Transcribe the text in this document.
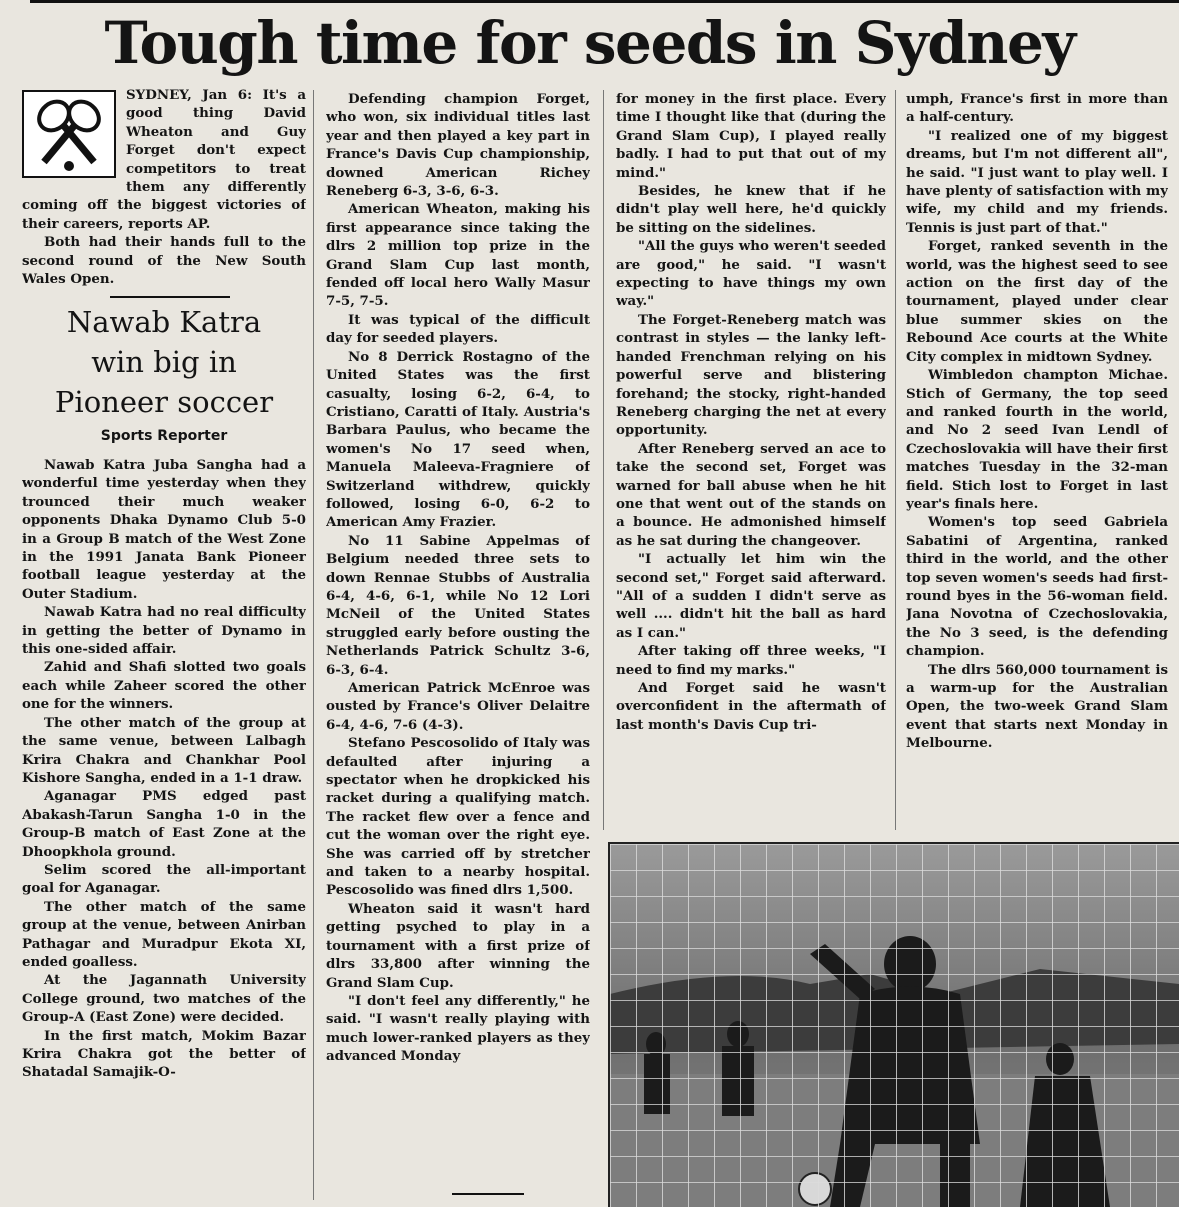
Tough time for seeds in Sydney

SYDNEY, Jan 6: It's a good thing David Wheaton and Guy Forget don't expect competitors to treat them any differently coming off the biggest victories of their careers, reports AP.

Both had their hands full to the second round of the New South Wales Open.

Nawab Katra
win big in
Pioneer soccer
Sports Reporter

Nawab Katra Juba Sangha had a wonderful time yesterday when they trounced their much weaker opponents Dhaka Dynamo Club 5-0 in a Group B match of the West Zone in the 1991 Janata Bank Pioneer football league yesterday at the Outer Stadium.

Nawab Katra had no real difficulty in getting the better of Dynamo in this one-sided affair.

Zahid and Shafi slotted two goals each while Zaheer scored the other one for the winners.

The other match of the group at the same venue, between Lalbagh Krira Chakra and Chankhar Pool Kishore Sangha, ended in a 1-1 draw.

Aganagar PMS edged past Abakash-Tarun Sangha 1-0 in the Group-B match of East Zone at the Dhoopkhola ground.

Selim scored the all-important goal for Aganagar.

The other match of the same group at the venue, between Anirban Pathagar and Muradpur Ekota XI, ended goalless.

At the Jagannath University College ground, two matches of the Group-A (East Zone) were decided.

In the first match, Mokim Bazar Krira Chakra got the better of Shatadal Samajik-O-

Defending champion Forget, who won, six individual titles last year and then played a key part in France's Davis Cup championship, downed American Richey Reneberg 6-3, 3-6, 6-3.

American Wheaton, making his first appearance since taking the dlrs 2 million top prize in the Grand Slam Cup last month, fended off local hero Wally Masur 7-5, 7-5.

It was typical of the difficult day for seeded players.

No 8 Derrick Rostagno of the United States was the first casualty, losing 6-2, 6-4, to Cristiano, Caratti of Italy. Austria's Barbara Paulus, who became the women's No 17 seed when, Manuela Maleeva-Fragniere of Switzerland withdrew, quickly followed, losing 6-0, 6-2 to American Amy Frazier.

No 11 Sabine Appelmas of Belgium needed three sets to down Rennae Stubbs of Australia 6-4, 4-6, 6-1, while No 12 Lori McNeil of the United States struggled early before ousting the Netherlands Patrick Schultz 3-6, 6-3, 6-4.

American Patrick McEnroe was ousted by France's Oliver Delaitre 6-4, 4-6, 7-6 (4-3).

Stefano Pescosolido of Italy was defaulted after injuring a spectator when he dropkicked his racket during a qualifying match. The racket flew over a fence and cut the woman over the right eye. She was carried off by stretcher and taken to a nearby hospital. Pescosolido was fined dlrs 1,500.

Wheaton said it wasn't hard getting psyched to play in a tournament with a first prize of dlrs 33,800 after winning the Grand Slam Cup.

"I don't feel any differently," he said. "I wasn't really playing with much lower-ranked players as they advanced Monday

for money in the first place. Every time I thought like that (during the Grand Slam Cup), I played really badly. I had to put that out of my mind."

Besides, he knew that if he didn't play well here, he'd quickly be sitting on the sidelines.

"All the guys who weren't seeded are good," he said. "I wasn't expecting to have things my own way."

The Forget-Reneberg match was contrast in styles — the lanky left-handed Frenchman relying on his powerful serve and blistering forehand; the stocky, right-handed Reneberg charging the net at every opportunity.

After Reneberg served an ace to take the second set, Forget was warned for ball abuse when he hit one that went out of the stands on a bounce. He admonished himself as he sat during the changeover.

"I actually let him win the second set," Forget said afterward. "All of a sudden I didn't serve as well .... didn't hit the ball as hard as I can."

After taking off three weeks, "I need to find my marks."

And Forget said he wasn't overconfident in the aftermath of last month's Davis Cup tri-

umph, France's first in more than a half-century.

"I realized one of my biggest dreams, but I'm not different all", he said. "I just want to play well. I have plenty of satisfaction with my wife, my child and my friends. Tennis is just part of that."

Forget, ranked seventh in the world, was the highest seed to see action on the first day of the tournament, played under clear blue summer skies on the Rebound Ace courts at the White City complex in midtown Sydney.

Wimbledon champton Michae. Stich of Germany, the top seed and ranked fourth in the world, and No 2 seed Ivan Lendl of Czechoslovakia will have their first matches Tuesday in the 32-man field. Stich lost to Forget in last year's finals here.

Women's top seed Gabriela Sabatini of Argentina, ranked third in the world, and the other top seven women's seeds had first-round byes in the 56-woman field. Jana Novotna of Czechoslovakia, the No 3 seed, is the defending champion.

The dlrs 560,000 tournament is a warm-up for the Australian Open, the two-week Grand Slam event that starts next Monday in Melbourne.
